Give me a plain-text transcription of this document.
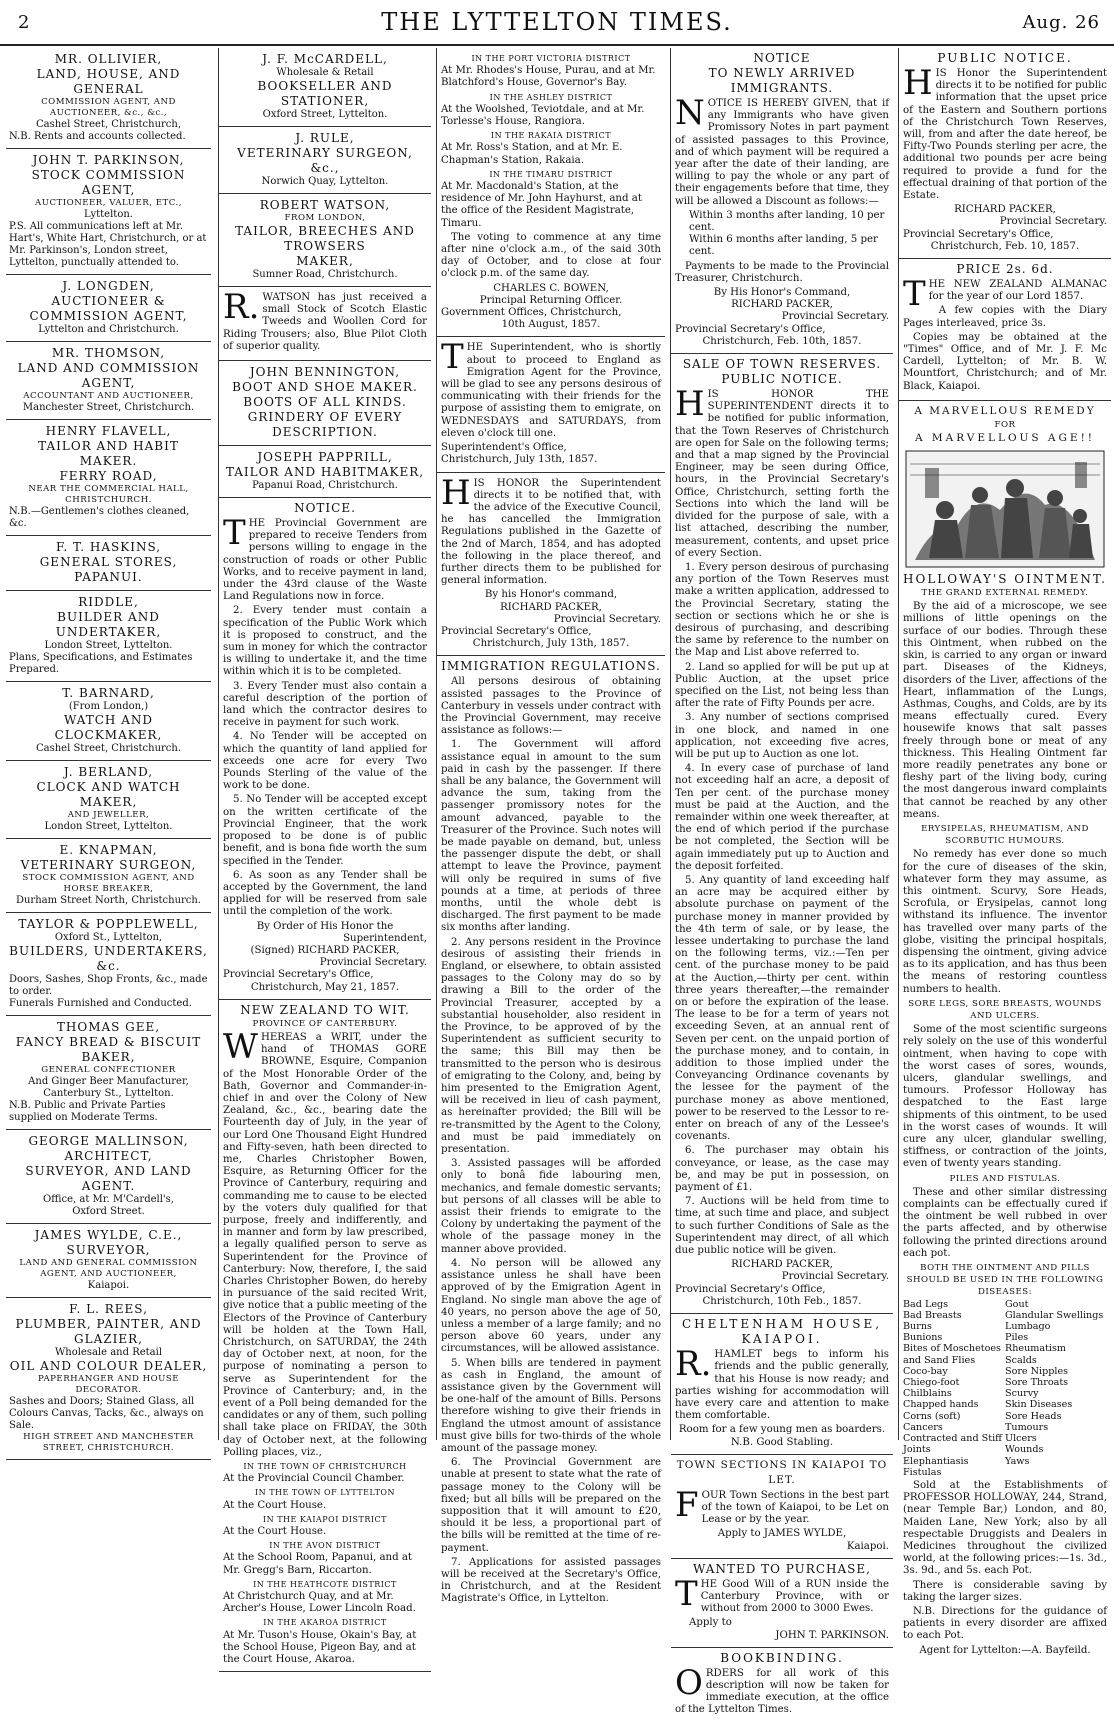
2	THE LYTTELTON TIMES.	Aug. 26
MR. OLLIVIER,
LAND, HOUSE, AND GENERAL
COMMISSION AGENT, AND AUCTIONEER, &c., &c.,
Cashel Street, Christchurch,
N.B. Rents and accounts collected.
JOHN T. PARKINSON,
STOCK COMMISSION AGENT,
AUCTIONEER, VALUER, ETC.,
Lyttelton.
P.S. All communications left at Mr. Hart's, White Hart, Christchurch, or at Mr. Parkinson's, London street, Lyttelton, punctually attended to.
J. LONGDEN,
AUCTIONEER & COMMISSION AGENT,
Lyttelton and Christchurch.
MR. THOMSON,
LAND AND COMMISSION AGENT,
ACCOUNTANT AND AUCTIONEER,
Manchester Street, Christchurch.
HENRY FLAVELL,
TAILOR AND HABIT MAKER.
FERRY ROAD,
NEAR THE COMMERCIAL HALL, CHRISTCHURCH.
N.B.—Gentlemen's clothes cleaned, &c.
F. T. HASKINS,
GENERAL STORES,
PAPANUI.
RIDDLE,
BUILDER AND UNDERTAKER,
London Street, Lyttelton.
Plans, Specifications, and Estimates Prepared.
T. BARNARD,
(From London,)
WATCH AND CLOCKMAKER,
Cashel Street, Christchurch.
J. BERLAND,
CLOCK AND WATCH MAKER,
AND JEWELLER,
London Street, Lyttelton.
E. KNAPMAN,
VETERINARY SURGEON,
STOCK COMMISSION AGENT, AND HORSE BREAKER,
Durham Street North, Christchurch.
TAYLOR & POPPLEWELL,
Oxford St., Lyttelton,
BUILDERS, UNDERTAKERS, &c.
Doors, Sashes, Shop Fronts, &c., made to order.
Funerals Furnished and Conducted.
THOMAS GEE,
FANCY BREAD & BISCUIT BAKER,
GENERAL CONFECTIONER
And Ginger Beer Manufacturer,
Canterbury St., Lyttelton.
N.B. Public and Private Parties supplied on Moderate Terms.
GEORGE MALLINSON,
ARCHITECT,
SURVEYOR, AND LAND AGENT.
Office, at Mr. M'Cardell's,
Oxford Street.
JAMES WYLDE, C.E.,
SURVEYOR,
LAND AND GENERAL COMMISSION AGENT, AND AUCTIONEER,
Kaiapoi.
F. L. REES,
PLUMBER, PAINTER, AND GLAZIER,
Wholesale and Retail
OIL AND COLOUR DEALER,
PAPERHANGER AND HOUSE DECORATOR.
Sashes and Doors; Stained Glass, all Colours Canvas, Tacks, &c., always on Sale.
HIGH STREET AND MANCHESTER STREET, CHRISTCHURCH.
J. F. McCARDELL,
Wholesale & Retail
BOOKSELLER AND STATIONER,
Oxford Street, Lyttelton.
J. RULE,
VETERINARY SURGEON, &c.,
Norwich Quay, Lyttelton.
ROBERT WATSON,
FROM LONDON,
TAILOR, BREECHES AND TROWSERS
MAKER,
Sumner Road, Christchurch.

R. WATSON has just received a small Stock of Scotch Elastic Tweeds and Woollen Cord for Riding Trousers; also, Blue Pilot Cloth of superior quality.

JOHN BENNINGTON,
BOOT AND SHOE MAKER.
BOOTS OF ALL KINDS.
GRINDERY OF EVERY DESCRIPTION.
JOSEPH PAPPRILL,
TAILOR AND HABITMAKER,
Papanui Road, Christchurch.
NOTICE.

THE Provincial Government are prepared to receive Tenders from persons willing to engage in the construction of roads or other Public Works, and to receive payment in land, under the 43rd clause of the Waste Land Regulations now in force.

2. Every tender must contain a specification of the Public Work which it is proposed to construct, and the sum in money for which the contractor is willing to undertake it, and the time within which it is to be completed.

3. Every Tender must also contain a careful description of the portion of land which the contractor desires to receive in payment for such work.

4. No Tender will be accepted on which the quantity of land applied for exceeds one acre for every Two Pounds Sterling of the value of the work to be done.

5. No Tender will be accepted except on the written certificate of the Provincial Engineer, that the work proposed to be done is of public benefit, and is bona fide worth the sum specified in the Tender.

6. As soon as any Tender shall be accepted by the Government, the land applied for will be reserved from sale until the completion of the work.

By Order of His Honor the
Superintendent,
(Signed) RICHARD PACKER,
Provincial Secretary.
Provincial Secretary's Office,
Christchurch, May 21, 1857.
NEW ZEALAND TO WIT.
PROVINCE OF CANTERBURY.

WHEREAS a WRIT, under the hand of THOMAS GORE BROWNE, Esquire, Companion of the Most Honorable Order of the Bath, Governor and Commander-in-chief in and over the Colony of New Zealand, &c., &c., bearing date the Fourteenth day of July, in the year of our Lord One Thousand Eight Hundred and Fifty-seven, hath been directed to me, Charles Christopher Bowen, Esquire, as Returning Officer for the Province of Canterbury, requiring and commanding me to cause to be elected by the voters duly qualified for that purpose, freely and indifferently, and in manner and form by law prescribed, a legally qualified person to serve as Superintendent for the Province of Canterbury: Now, therefore, I, the said Charles Christopher Bowen, do hereby in pursuance of the said recited Writ, give notice that a public meeting of the Electors of the Province of Canterbury will be holden at the Town Hall, Christchurch, on SATURDAY, the 24th day of October next, at noon, for the purpose of nominating a person to serve as Superintendent for the Province of Canterbury; and, in the event of a Poll being demanded for the candidates or any of them, such polling shall take place on FRIDAY, the 30th day of October next, at the following Polling places, viz.,

IN THE TOWN OF CHRISTCHURCH
At the Provincial Council Chamber.
IN THE TOWN OF LYTTELTON
At the Court House.
IN THE KAIAPOI DISTRICT
At the Court House.
IN THE AVON DISTRICT
At the School Room, Papanui, and at Mr. Gregg's Barn, Riccarton.
IN THE HEATHCOTE DISTRICT
At Christchurch Quay, and at Mr. Archer's House, Lower Lincoln Road.
IN THE AKAROA DISTRICT
At Mr. Tuson's House, Okain's Bay, at the School House, Pigeon Bay, and at the Court House, Akaroa.
IN THE PORT VICTORIA DISTRICT
At Mr. Rhodes's House, Purau, and at Mr. Blatchford's House, Governor's Bay.
IN THE ASHLEY DISTRICT
At the Woolshed, Teviotdale, and at Mr. Torlesse's House, Rangiora.
IN THE RAKAIA DISTRICT
At Mr. Ross's Station, and at Mr. E. Chapman's Station, Rakaia.
IN THE TIMARU DISTRICT
At Mr. Macdonald's Station, at the residence of Mr. John Hayhurst, and at the office of the Resident Magistrate, Timaru.

The voting to commence at any time after nine o'clock a.m., of the said 30th day of October, and to close at four o'clock p.m. of the same day.

CHARLES C. BOWEN,
Principal Returning Officer.
Government Offices, Christchurch,
10th August, 1857.

THE Superintendent, who is shortly about to proceed to England as Emigration Agent for the Province, will be glad to see any persons desirous of communicating with their friends for the purpose of assisting them to emigrate, on WEDNESDAYS and SATURDAYS, from eleven o'clock till one.

Superintendent's Office,
Christchurch, July 13th, 1857.

HIS HONOR the Superintendent directs it to be notified that, with the advice of the Executive Council, he has cancelled the Immigration Regulations published in the Gazette of the 2nd of March, 1854, and has adopted the following in the place thereof, and further directs them to be published for general information.

By his Honor's command,
RICHARD PACKER,
Provincial Secretary.
Provincial Secretary's Office,
Christchurch, July 13th, 1857.
IMMIGRATION REGULATIONS.

All persons desirous of obtaining assisted passages to the Province of Canterbury in vessels under contract with the Provincial Government, may receive assistance as follows:—

1. The Government will afford assistance equal in amount to the sum paid in cash by the passenger. If there shall be any balance, the Government will advance the sum, taking from the passenger promissory notes for the amount advanced, payable to the Treasurer of the Province. Such notes will be made payable on demand, but, unless the passenger dispute the debt, or shall attempt to leave the Province, payment will only be required in sums of five pounds at a time, at periods of three months, until the whole debt is discharged. The first payment to be made six months after landing.

2. Any persons resident in the Province desirous of assisting their friends in England, or elsewhere, to obtain assisted passages to the Colony may do so by drawing a Bill to the order of the Provincial Treasurer, accepted by a substantial householder, also resident in the Province, to be approved of by the Superintendent as sufficient security to the same; this Bill may then be transmitted to the person who is desirous of emigrating to the Colony, and, being by him presented to the Emigration Agent, will be received in lieu of cash payment, as hereinafter provided; the Bill will be re-transmitted by the Agent to the Colony, and must be paid immediately on presentation.

3. Assisted passages will be afforded only to bonâ fide labouring men, mechanics, and female domestic servants; but persons of all classes will be able to assist their friends to emigrate to the Colony by undertaking the payment of the whole of the passage money in the manner above provided.

4. No person will be allowed any assistance unless he shall have been approved of by the Emigration Agent in England. No single man above the age of 40 years, no person above the age of 50, unless a member of a large family; and no person above 60 years, under any circumstances, will be allowed assistance.

5. When bills are tendered in payment as cash in England, the amount of assistance given by the Government will be one-half of the amount of Bills. Persons therefore wishing to give their friends in England the utmost amount of assistance must give bills for two-thirds of the whole amount of the passage money.

6. The Provincial Government are unable at present to state what the rate of passage money to the Colony will be fixed; but all bills will be prepared on the supposition that it will amount to £20, should it be less, a proportional part of the bills will be remitted at the time of re-payment.

7. Applications for assisted passages will be received at the Secretary's Office, in Christchurch, and at the Resident Magistrate's Office, in Lyttelton.

NOTICE
TO NEWLY ARRIVED IMMIGRANTS.

NOTICE IS HEREBY GIVEN, that if any Immigrants who have given Promissory Notes in part payment of assisted passages to this Province, and of which payment will be required a year after the date of their landing, are willing to pay the whole or any part of their engagements before that time, they will be allowed a Discount as follows:—

Within 3 months after landing, 10 per cent.
Within 6 months after landing, 5 per cent.

Payments to be made to the Provincial Treasurer, Christchurch.

By His Honor's Command,
RICHARD PACKER,
Provincial Secretary.
Provincial Secretary's Office,
Christchurch, Feb. 10th, 1857.
SALE OF TOWN RESERVES.
PUBLIC NOTICE.

HIS HONOR THE SUPERINTENDENT directs it to be notified for public information, that the Town Reserves of Christchurch are open for Sale on the following terms; and that a map signed by the Provincial Engineer, may be seen during Office, hours, in the Provincial Secretary's Office, Christchurch, setting forth the Sections into which the land will be divided for the purpose of sale, with a list attached, describing the number, measurement, contents, and upset price of every Section.

1. Every person desirous of purchasing any portion of the Town Reserves must make a written application, addressed to the Provincial Secretary, stating the section or sections which he or she is desirous of purchasing, and describing the same by reference to the number on the Map and List above referred to.

2. Land so applied for will be put up at Public Auction, at the upset price specified on the List, not being less than after the rate of Fifty Pounds per acre.

3. Any number of sections comprised in one block, and named in one application, not exceeding five acres, will be put up to Auction as one lot.

4. In every case of purchase of land not exceeding half an acre, a deposit of Ten per cent. of the purchase money must be paid at the Auction, and the remainder within one week thereafter, at the end of which period if the purchase be not completed, the Section will be again immediately put up to Auction and the deposit forfeited.

5. Any quantity of land exceeding half an acre may be acquired either by absolute purchase on payment of the purchase money in manner provided by the 4th term of sale, or by lease, the lessee undertaking to purchase the land on the following terms, viz.:—Ten per cent. of the purchase money to be paid at the Auction,—thirty per cent. within three years thereafter,—the remainder on or before the expiration of the lease. The lease to be for a term of years not exceeding Seven, at an annual rent of Seven per cent. on the unpaid portion of the purchase money, and to contain, in addition to those implied under the Conveyancing Ordinance covenants by the lessee for the payment of the purchase money as above mentioned, power to be reserved to the Lessor to re-enter on breach of any of the Lessee's covenants.

6. The purchaser may obtain his conveyance, or lease, as the case may be, and may be put in possession, on payment of £1.

7. Auctions will be held from time to time, at such time and place, and subject to such further Conditions of Sale as the Superintendent may direct, of all which due public notice will be given.

RICHARD PACKER,
Provincial Secretary.
Provincial Secretary's Office,
Christchurch, 10th Feb., 1857.
CHELTENHAM HOUSE,
KAIAPOI.

R. HAMLET begs to inform his friends and the public generally, that his House is now ready; and parties wishing for accommodation will have every care and attention to make them comfortable.

Room for a few young men as boarders.
N.B. Good Stabling.
TOWN SECTIONS IN KAIAPOI TO LET.

FOUR Town Sections in the best part of the town of Kaiapoi, to be Let on Lease or by the year.

Apply to JAMES WYLDE,
Kaiapoi.
WANTED TO PURCHASE,

THE Good Will of a RUN inside the Canterbury Province, with or without from 2000 to 3000 Ewes.

Apply to
JOHN T. PARKINSON.
BOOKBINDING.

ORDERS for all work of this description will now be taken for immediate execution, at the office of the Lyttelton Times.

PUBLIC NOTICE.

HIS Honor the Superintendent directs it to be notified for public information that the upset price of the Eastern and Southern portions of the Christchurch Town Reserves, will, from and after the date hereof, be Fifty-Two Pounds sterling per acre, the additional two pounds per acre being required to provide a fund for the effectual draining of that portion of the Estate.

RICHARD PACKER,
Provincial Secretary.
Provincial Secretary's Office,
Christchurch, Feb. 10, 1857.
PRICE 2s. 6d.

THE NEW ZEALAND ALMANAC for the year of our Lord 1857.

A few copies with the Diary Pages interleaved, price 3s.

Copies may be obtained at the "Times" Office, and of Mr. J. F. Mc Cardell, Lyttelton; of Mr. B. W. Mountfort, Christchurch; and of Mr. Black, Kaiapoi.

A MARVELLOUS REMEDY
FOR
A MARVELLOUS AGE!!
HOLLOWAY'S OINTMENT.
THE GRAND EXTERNAL REMEDY.

By the aid of a microscope, we see millions of little openings on the surface of our bodies. Through these this Ointment, when rubbed on the skin, is carried to any organ or inward part. Diseases of the Kidneys, disorders of the Liver, affections of the Heart, inflammation of the Lungs, Asthmas, Coughs, and Colds, are by its means effectually cured. Every housewife knows that salt passes freely through bone or meat of any thickness. This Healing Ointment far more readily penetrates any bone or fleshy part of the living body, curing the most dangerous inward complaints that cannot be reached by any other means.

ERYSIPELAS, RHEUMATISM, AND SCORBUTIC HUMOURS.

No remedy has ever done so much for the cure of diseases of the skin, whatever form they may assume, as this ointment. Scurvy, Sore Heads, Scrofula, or Erysipelas, cannot long withstand its influence. The inventor has travelled over many parts of the globe, visiting the principal hospitals, dispensing the ointment, giving advice as to its application, and has thus been the means of restoring countless numbers to health.

SORE LEGS, SORE BREASTS, WOUNDS AND ULCERS.

Some of the most scientific surgeons rely solely on the use of this wonderful ointment, when having to cope with the worst cases of sores, wounds, ulcers, glandular swellings, and tumours. Professor Holloway has despatched to the East large shipments of this ointment, to be used in the worst cases of wounds. It will cure any ulcer, glandular swelling, stiffness, or contraction of the joints, even of twenty years standing.

PILES AND FISTULAS.

These and other similar distressing complaints can be effectually cured if the ointment be well rubbed in over the parts affected, and by otherwise following the printed directions around each pot.

BOTH THE OINTMENT AND PILLS SHOULD BE USED IN THE FOLLOWING DISEASES:
Bad Legs
Bad Breasts
Burns
Bunions
Bites of Moschetoes and Sand Flies
Coco-bay
Chiego-foot
Chilblains
Chapped hands
Corns (soft)
Cancers
Contracted and Stiff Joints
Elephantiasis
Fistulas
Gout
Glandular Swellings
Lumbago
Piles
Rheumatism
Scalds
Sore Nipples
Sore Throats
Scurvy
Skin Diseases
Sore Heads
Tumours
Ulcers
Wounds
Yaws

Sold at the Establishments of PROFESSOR HOLLOWAY, 244, Strand, (near Temple Bar,) London, and 80, Maiden Lane, New York; also by all respectable Druggists and Dealers in Medicines throughout the civilized world, at the following prices:—1s. 3d., 3s. 9d., and 5s. each Pot.

There is considerable saving by taking the larger sizes.

N.B. Directions for the guidance of patients in every disorder are affixed to each Pot.

Agent for Lyttelton:—A. Bayfeild.
